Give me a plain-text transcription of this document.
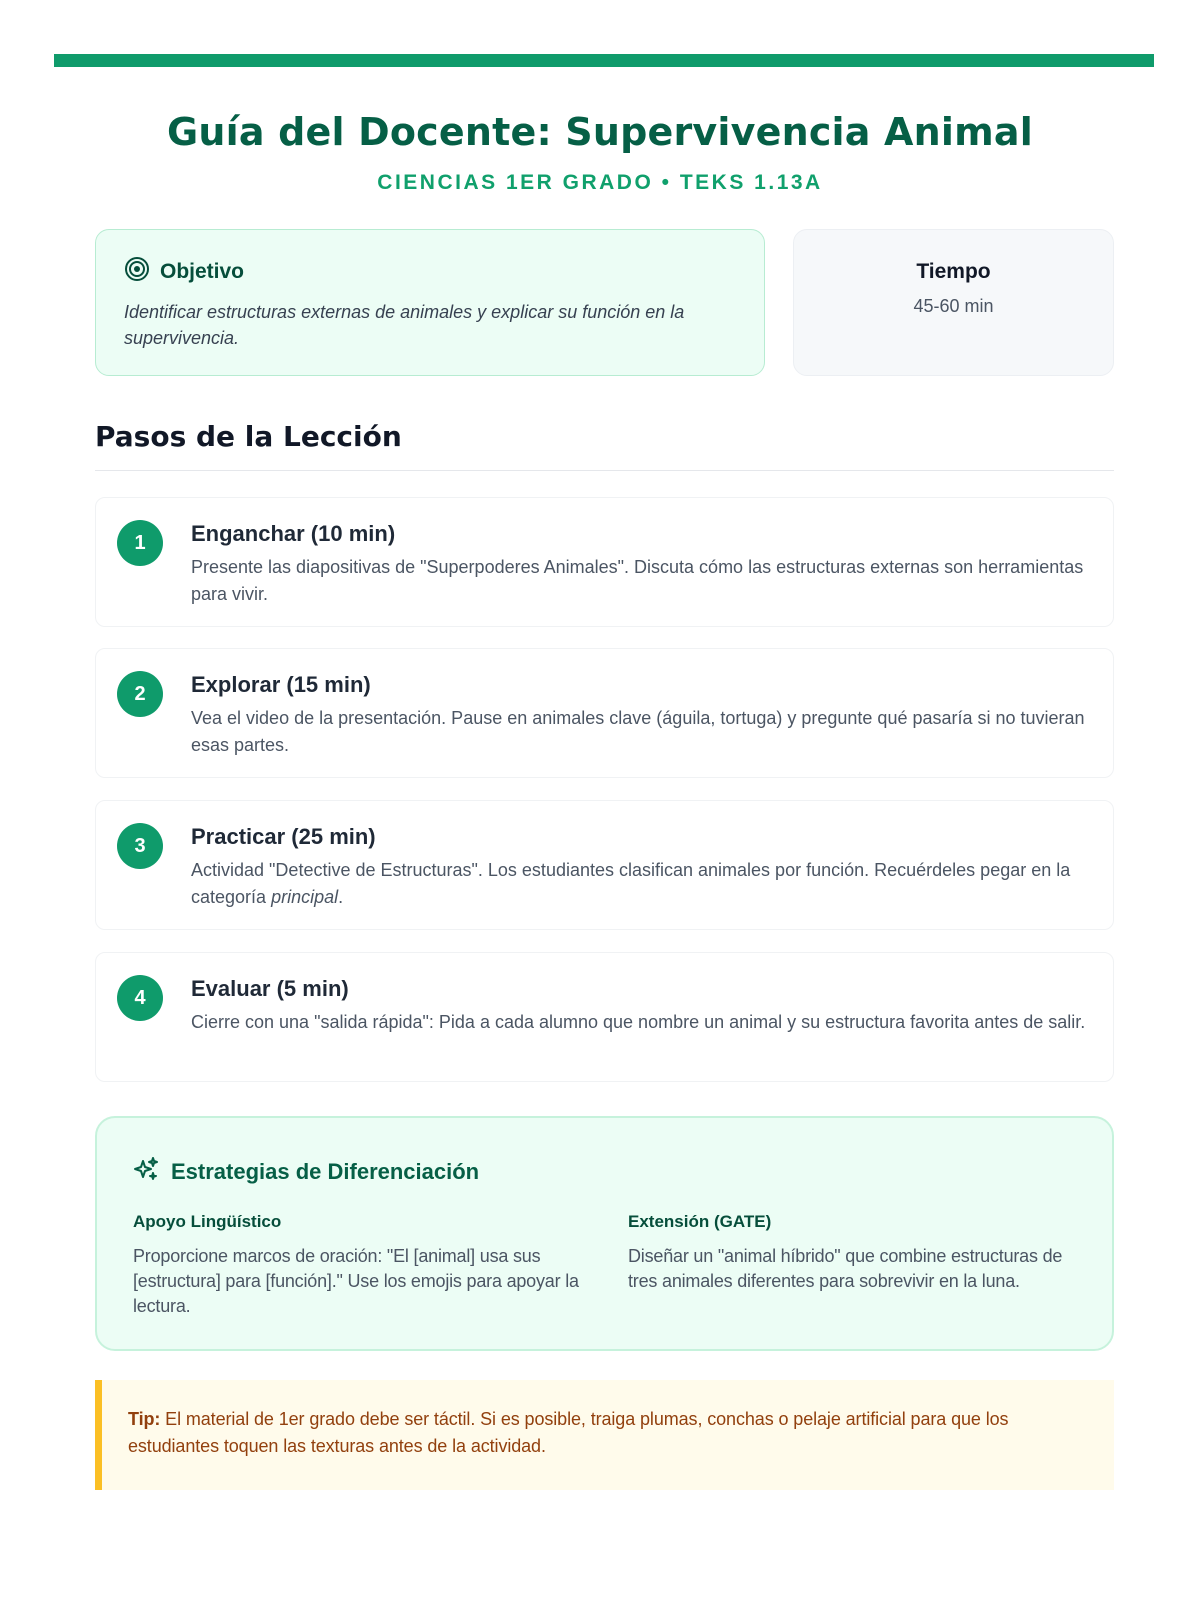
Guía del Docente: Supervivencia Animal
CIENCIAS 1ER GRADO • TEKS 1.13A
Objetivo

Identificar estructuras externas de animales y explicar su función en la supervivencia.

Tiempo
45-60 min
Pasos de la Lección
1	Enganchar (10 min)
Presente las diapositivas de "Superpoderes Animales". Discuta cómo las estructuras externas son herramientas para vivir.
2	Explorar (15 min)
Vea el video de la presentación. Pause en animales clave (águila, tortuga) y pregunte qué pasaría si no tuvieran esas partes.
3	Practicar (25 min)
Actividad "Detective de Estructuras". Los estudiantes clasifican animales por función. Recuérdeles pegar en la categoría principal.
4	Evaluar (5 min)
Cierre con una "salida rápida": Pida a cada alumno que nombre un animal y su estructura favorita antes de salir.
Estrategias de Diferenciación
Apoyo Lingüístico
Proporcione marcos de oración: "El [animal] usa sus [estructura] para [función]." Use los emojis para apoyar la lectura.
Extensión (GATE)
Diseñar un "animal híbrido" que combine estructuras de tres animales diferentes para sobrevivir en la luna.

Tip: El material de 1er grado debe ser táctil. Si es posible, traiga plumas, conchas o pelaje artificial para que los estudiantes toquen las texturas antes de la actividad.
